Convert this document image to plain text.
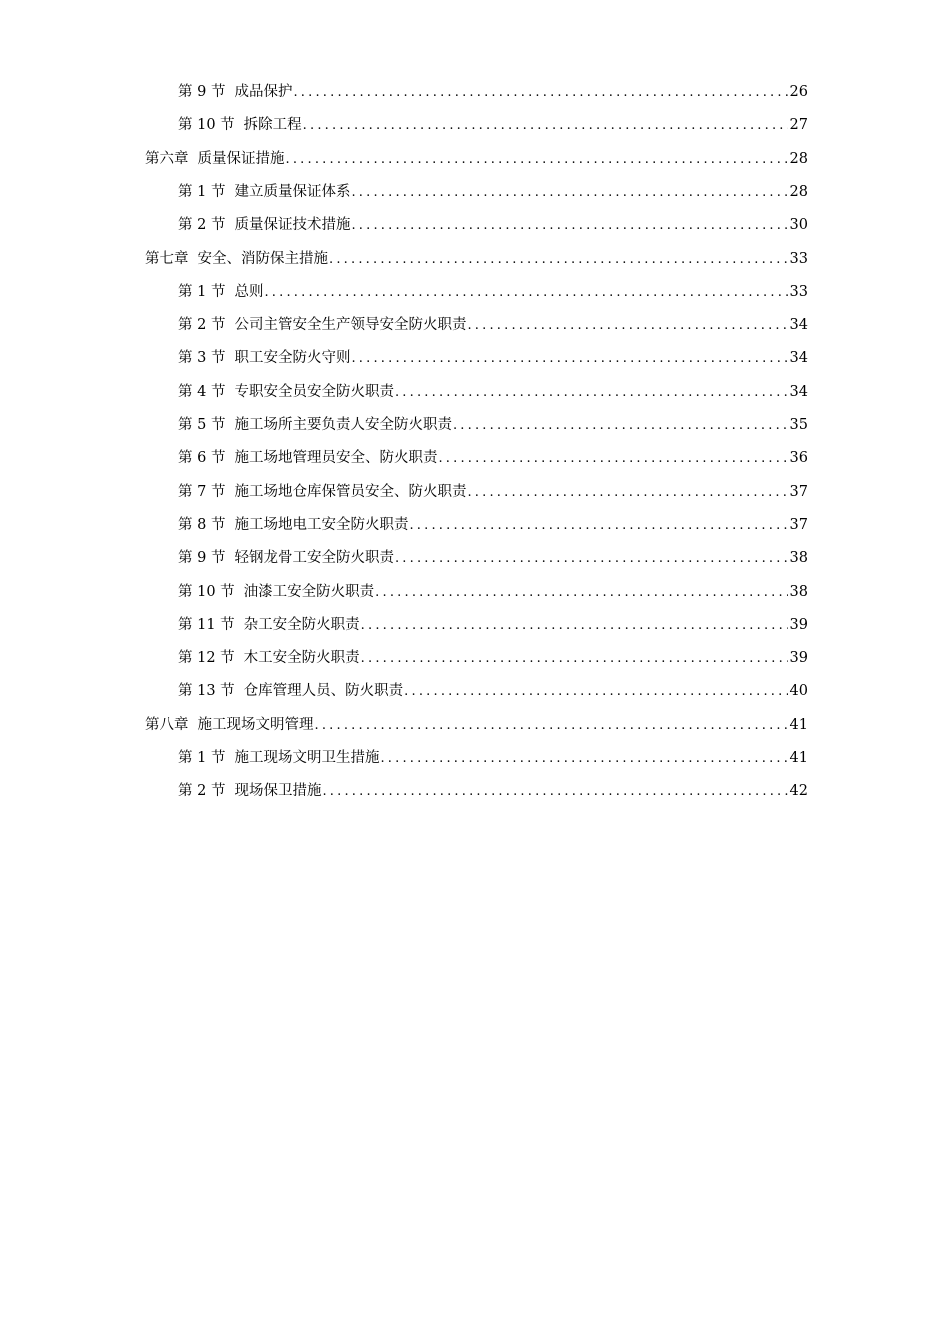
第 9 节 成品保护 .....	26
第 10 节 拆除工程 .....	27
第六章 质量保证措施 .....	28
第 1 节 建立质量保证体系 .....	28
第 2 节 质量保证技术措施 .....	30
第七章 安全、消防保主措施 .....	33
第 1 节 总则 .....	33
第 2 节 公司主管安全生产领导安全防火职责 .....	34
第 3 节 职工安全防火守则 .....	34
第 4 节 专职安全员安全防火职责 .....	34
第 5 节 施工场所主要负责人安全防火职责 .....	35
第 6 节 施工场地管理员安全、防火职责 .....	36
第 7 节 施工场地仓库保管员安全、防火职责 .....	37
第 8 节 施工场地电工安全防火职责 .....	37
第 9 节 轻钢龙骨工安全防火职责 .....	38
第 10 节 油漆工安全防火职责 .....	38
第 11 节 杂工安全防火职责 .....	39
第 12 节 木工安全防火职责 .....	39
第 13 节 仓库管理人员、防火职责 .....	40
第八章 施工现场文明管理 .....	41
第 1 节 施工现场文明卫生措施 .....	41
第 2 节 现场保卫措施 .....	42
